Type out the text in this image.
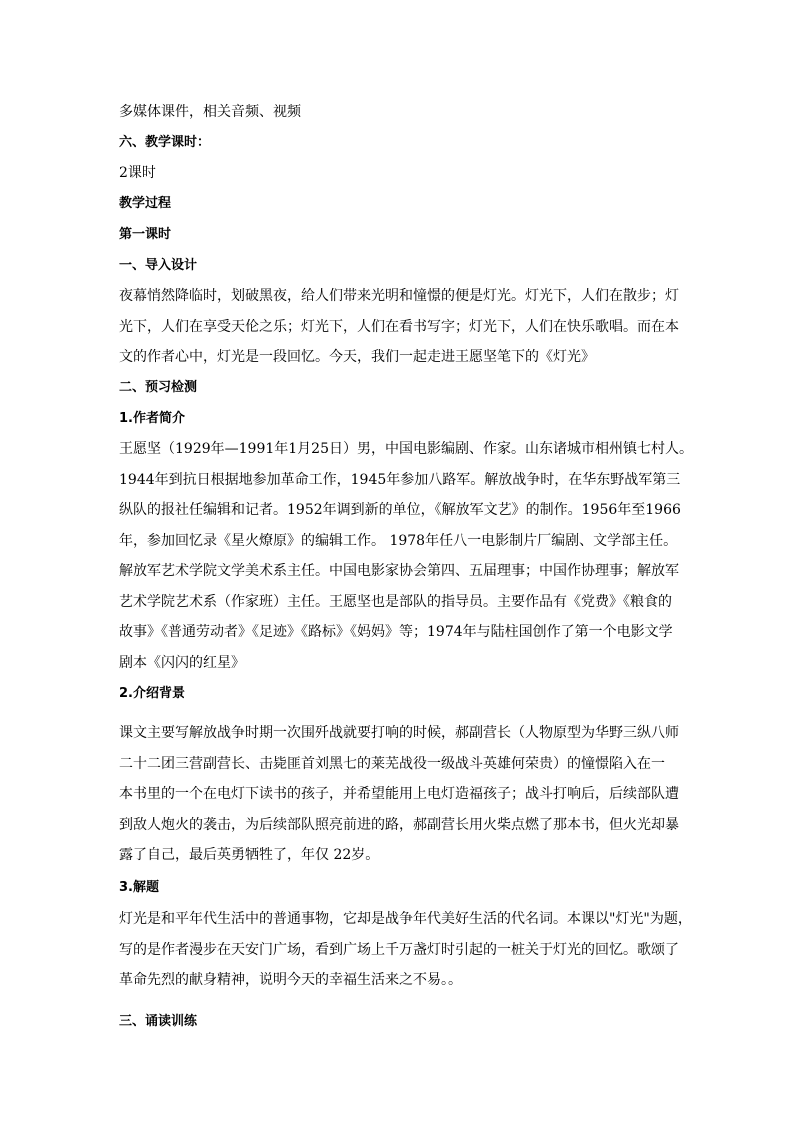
多媒体课件，相关音频、视频

六、教学课时：

2课时

教学过程

第一课时

一、导入设计

夜幕悄然降临时，划破黑夜，给人们带来光明和憧憬的便是灯光。灯光下，人们在散步；灯
光下，人们在享受天伦之乐；灯光下，人们在看书写字；灯光下，人们在快乐歌唱。而在本
文的作者心中，灯光是一段回忆。今天，我们一起走进王愿坚笔下的《灯光》

二、预习检测

1.作者简介

王愿坚（1929年—1991年1月25日）男，中国电影编剧、作家。山东诸城市相州镇七村人。
1944年到抗日根据地参加革命工作，1945年参加八路军。解放战争时，在华东野战军第三
纵队的报社任编辑和记者。1952年调到新的单位，《解放军文艺》的制作。1956年至1966
年，参加回忆录《星火燎原》的编辑工作。 1978年任八一电影制片厂编剧、文学部主任。
解放军艺术学院文学美术系主任。中国电影家协会第四、五届理事；中国作协理事；解放军
艺术学院艺术系（作家班）主任。王愿坚也是部队的指导员。主要作品有《党费》《粮食的
故事》《普通劳动者》《足迹》《路标》《妈妈》等；1974年与陆柱国创作了第一个电影文学
剧本《闪闪的红星》

2.介绍背景

课文主要写解放战争时期一次围歼战就要打响的时候，郝副营长（人物原型为华野三纵八师
二十二团三营副营长、击毙匪首刘黑七的莱芜战役一级战斗英雄何荣贵）的憧憬陷入在一
本书里的一个在电灯下读书的孩子，并希望能用上电灯造福孩子；战斗打响后，后续部队遭
到敌人炮火的袭击，为后续部队照亮前进的路，郝副营长用火柴点燃了那本书，但火光却暴
露了自己，最后英勇牺牲了，年仅 22岁。

3.解题

灯光是和平年代生活中的普通事物，它却是战争年代美好生活的代名词。本课以"灯光"为题，
写的是作者漫步在天安门广场，看到广场上千万盏灯时引起的一桩关于灯光的回忆。歌颂了
革命先烈的献身精神，说明今天的幸福生活来之不易。。

三、诵读训练
